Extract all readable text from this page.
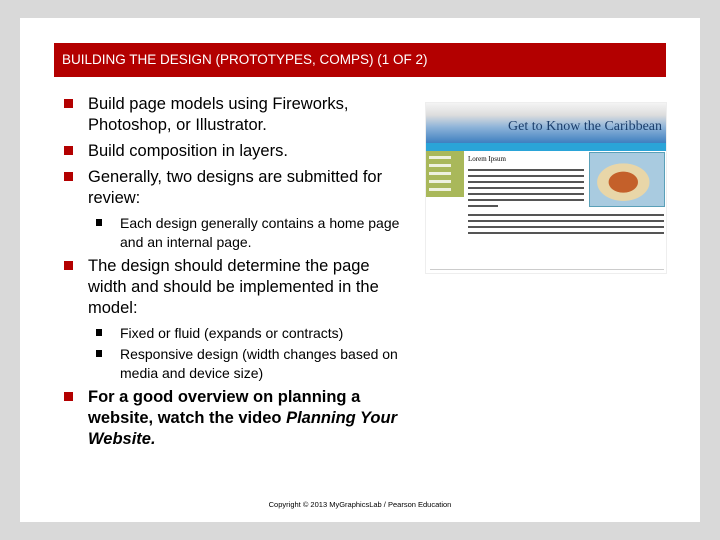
BUILDING THE DESIGN (PROTOTYPES, COMPS) (1 OF 2)
Build page models using Fireworks, Photoshop, or Illustrator.
Build composition in layers.
Generally, two designs are submitted for review:
Each design generally contains a home page and an internal page.
The design should determine the page width and should be implemented in the model:
Fixed or fluid (expands or contracts)
Responsive design (width changes based on media and device size)
For a good overview on planning a website, watch the video Planning Your Website.
Get to Know the Caribbean
Lorem Ipsum
Copyright © 2013 MyGraphicsLab / Pearson Education
